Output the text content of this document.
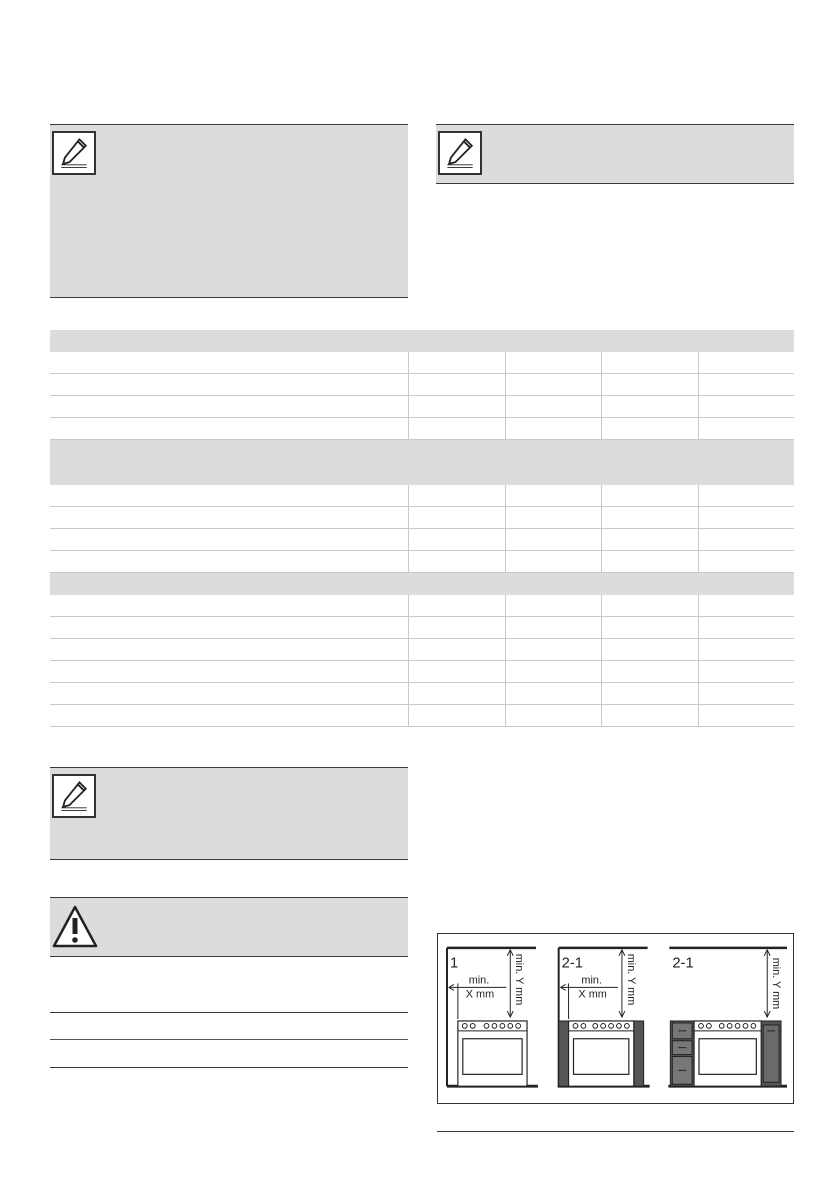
1
min.
X mm min. Y mm 2-1
min.
X mm min. Y mm 2-1	min. Y mm
